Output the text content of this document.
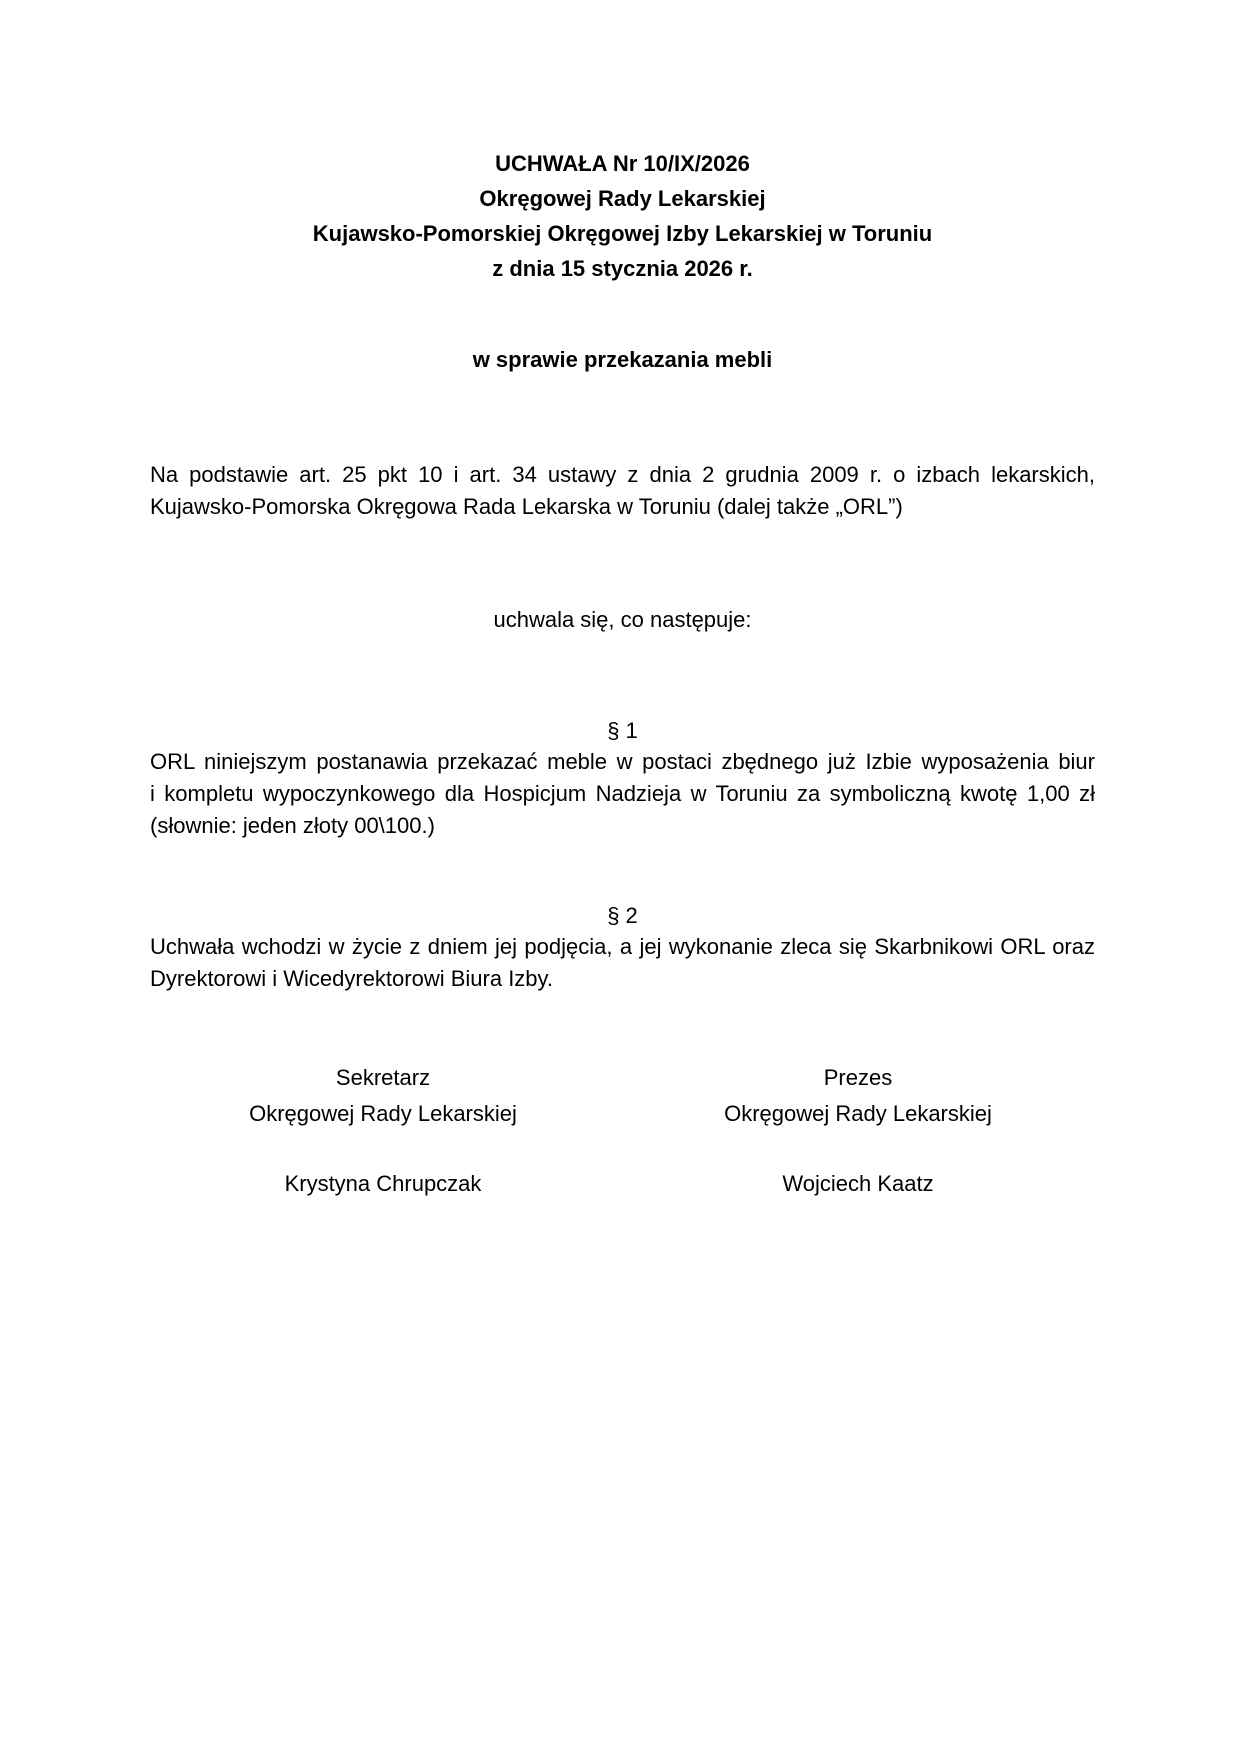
UCHWAŁA Nr 10/IX/2026
Okręgowej Rady Lekarskiej
Kujawsko-Pomorskiej Okręgowej Izby Lekarskiej w Toruniu
z dnia 15 stycznia 2026 r.
w sprawie przekazania mebli
Na podstawie art. 25 pkt 10 i art. 34 ustawy z dnia 2 grudnia 2009 r. o izbach lekarskich,
Kujawsko-Pomorska Okręgowa Rada Lekarska w Toruniu (dalej także „ORL”)
uchwala się, co następuje:
§ 1
ORL niniejszym postanawia przekazać meble w postaci zbędnego już Izbie wyposażenia biur
i kompletu wypoczynkowego dla Hospicjum Nadzieja w Toruniu za symboliczną kwotę 1,00 zł
(słownie: jeden złoty 00\100.)
§ 2
Uchwała wchodzi w życie z dniem jej podjęcia, a jej wykonanie zleca się Skarbnikowi ORL oraz
Dyrektorowi i Wicedyrektorowi Biura Izby.
Sekretarz
Okręgowej Rady Lekarskiej
Krystyna Chrupczak
Prezes
Okręgowej Rady Lekarskiej
Wojciech Kaatz
